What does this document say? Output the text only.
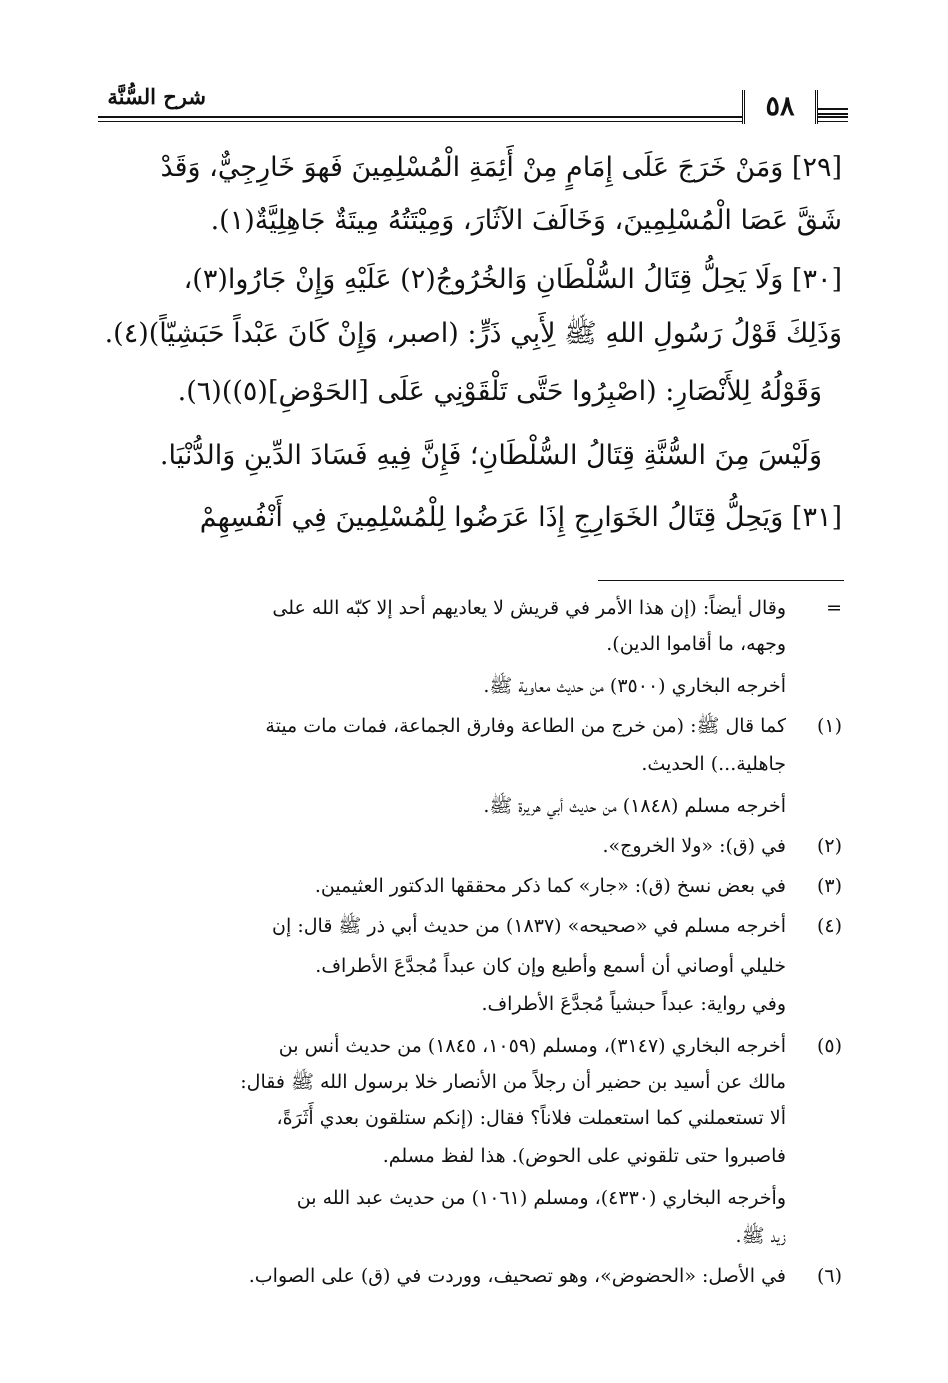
شرح السُّنَّة	٥٨
[٢٩] وَمَنْ خَرَجَ عَلَى إِمَامٍ مِنْ أَئِمَةِ الْمُسْلِمِينَ فَهوَ خَارِجِيٌّ، وَقَدْ
شَقَّ عَصَا الْمُسْلِمِينَ، وَخَالَفَ الآثَارَ، وَمِيْتَتُهُ مِيتَةٌ جَاهِلِيَّةٌ(١).
[٣٠] وَلَا يَحِلُّ قِتَالُ السُّلْطَانِ وَالخُرُوجُ(٢) عَلَيْهِ وَإِنْ جَارُوا(٣)،
وَذَلِكَ قَوْلُ رَسُولِ اللهِ ﷺ لِأَبِي ذَرٍّ: (اصبر، وَإِنْ كَانَ عَبْداً حَبَشِيّاً)(٤).
وَقَوْلُهُ لِلأَنْصَارِ: (اصْبِرُوا حَتَّى تَلْقَوْنِي عَلَى [الحَوْضِ](٥))(٦).
وَلَيْسَ مِنَ السُّنَّةِ قِتَالُ السُّلْطَانِ؛ فَإِنَّ فِيهِ فَسَادَ الدِّينِ وَالدُّنْيَا.
[٣١] وَيَحِلُّ قِتَالُ الخَوَارِجِ إِذَا عَرَضُوا لِلْمُسْلِمِينَ فِي أَنْفُسِهِمْ
=
وقال أيضاً: (إن هذا الأمر في قريش لا يعاديهم أحد إلا كبّه الله على
وجهه، ما أقاموا الدين).
أخرجه البخاري (٣٥٠٠) من حديث معاوية ﷺ.
(١)
كما قال ﷺ: (من خرج من الطاعة وفارق الجماعة، فمات مات ميتة
جاهلية...) الحديث.
أخرجه مسلم (١٨٤٨) من حديث أبي هريرة ﷺ.
(٢)
في (ق): «ولا الخروج».
(٣)
في بعض نسخ (ق): «جار» كما ذكر محققها الدكتور العثيمين.
(٤)
أخرجه مسلم في «صحيحه» (١٨٣٧) من حديث أبي ذر ﷺ قال: إن
خليلي أوصاني أن أسمع وأطيع وإن كان عبداً مُجدَّعَ الأطراف.
وفي رواية: عبداً حبشياً مُجدَّعَ الأطراف.
(٥)
أخرجه البخاري (٣١٤٧)، ومسلم (١٠٥٩، ١٨٤٥) من حديث أنس بن
مالك عن أسيد بن حضير أن رجلاً من الأنصار خلا برسول الله ﷺ فقال:
ألا تستعملني كما استعملت فلاناً؟ فقال: (إنكم ستلقون بعدي أَثَرَةً،
فاصبروا حتى تلقوني على الحوض). هذا لفظ مسلم.
وأخرجه البخاري (٤٣٣٠)، ومسلم (١٠٦١) من حديث عبد الله بن
زيد ﷺ.
(٦)
في الأصل: «الحضوض»، وهو تصحيف، ووردت في (ق) على الصواب.
